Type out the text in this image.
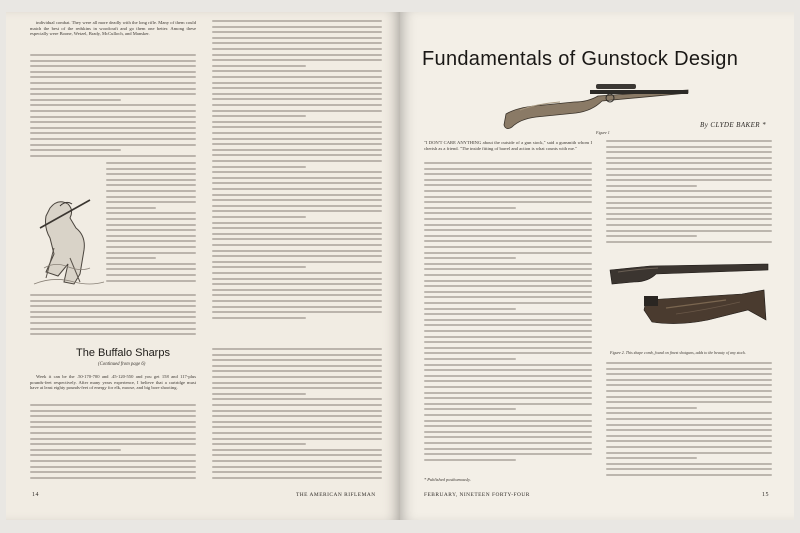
individual combat. They were all more deadly with the long rifle. Many of them could match the best of the redskins in woodcraft and go them one better. Among these especially were Boone, Wetzel, Brady, McCulloch, and Mansker.

The Buffalo Sharps
(Continued from page 6)

Week it can be the .50-170-700 and .45-120-550 and you get 158 and 117-plus pounds-feet respectively. After many years experience, I believe that a cartridge must have at least eighty pounds-feet of energy for elk, moose, and big bore shooting.

14	THE AMERICAN RIFLEMAN
Fundamentals of Gunstock Design
Figure 1
By CLYDE BAKER *

"I DON'T CARE ANYTHING about the outside of a gun stock," said a gunsmith whom I cherish as a friend. "The inside fitting of barrel and action is what counts with me."

Figure 2. This shape comb, found on finest shotguns, adds to the beauty of any stock.
* Published posthumously.
FEBRUARY, NINETEEN FORTY-FOUR	15
